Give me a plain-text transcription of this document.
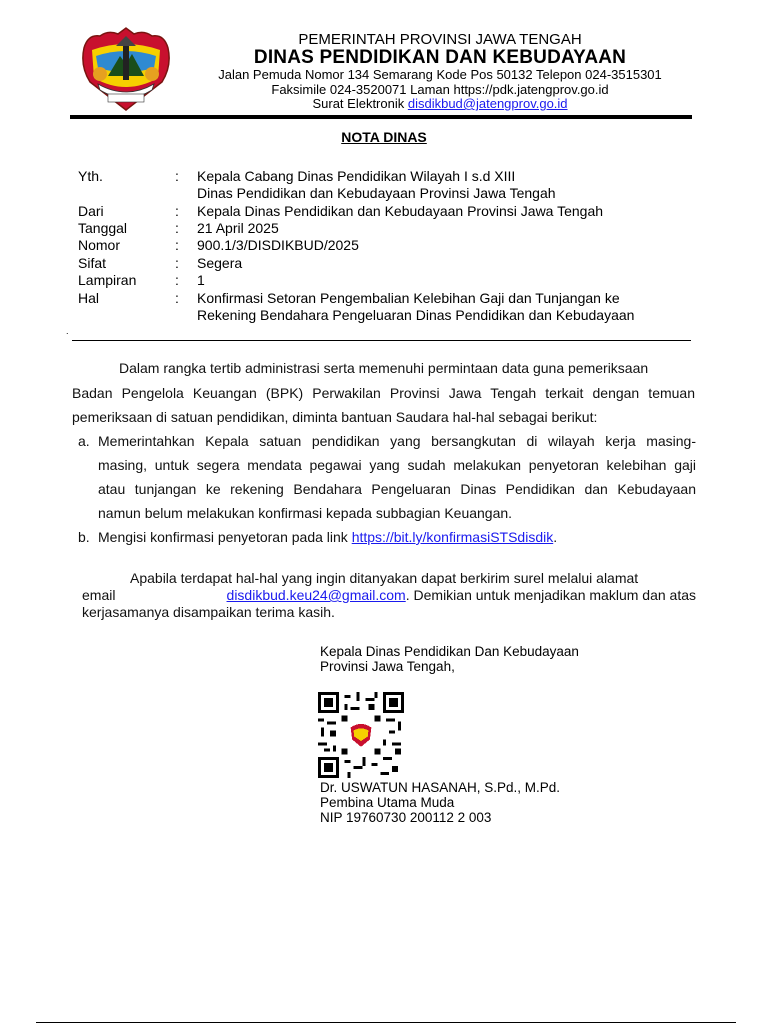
PEMERINTAH PROVINSI JAWA TENGAH
DINAS PENDIDIKAN DAN KEBUDAYAAN
Jalan Pemuda Nomor 134 Semarang Kode Pos 50132 Telepon 024-3515301
Faksimile 024-3520071 Laman https://pdk.jatengprov.go.id
Surat Elektronik disdikbud@jatengprov.go.id
NOTA DINAS
Yth.	: Kepala Cabang Dinas Pendidikan Wilayah I s.d XIII
Dinas Pendidikan dan Kebudayaan Provinsi Jawa Tengah
Dari	: Kepala Dinas Pendidikan dan Kebudayaan Provinsi Jawa Tengah
Tanggal	: 21 April 2025
Nomor	: 900.1/3/DISDIKBUD/2025
Sifat	: Segera
Lampiran	: 1
Hal	: Konfirmasi Setoran Pengembalian Kelebihan Gaji dan Tunjangan ke
Rekening Bendahara Pengeluaran Dinas Pendidikan dan Kebudayaan
.
Dalam rangka tertib administrasi serta memenuhi permintaan data guna pemeriksaan
Badan Pengelola Keuangan (BPK) Perwakilan Provinsi Jawa Tengah terkait dengan temuan
pemeriksaan di satuan pendidikan, diminta bantuan Saudara hal-hal sebagai berikut:
a. Memerintahkan Kepala satuan pendidikan yang bersangkutan di wilayah kerja masing-
masing, untuk segera mendata pegawai yang sudah melakukan penyetoran kelebihan gaji
atau tunjangan ke rekening Bendahara Pengeluaran Dinas Pendidikan dan Kebudayaan
namun belum melakukan konfirmasi kepada subbagian Keuangan.
b. Mengisi konfirmasi penyetoran pada link https://bit.ly/konfirmasiSTSdisdik.
Apabila terdapat hal-hal yang ingin ditanyakan dapat berkirim surel melalui alamat
email	disdikbud.keu24@gmail.com. Demikian untuk menjadikan maklum dan atas
kerjasamanya disampaikan terima kasih.
Kepala Dinas Pendidikan Dan Kebudayaan
Provinsi Jawa Tengah,
Dr. USWATUN HASANAH, S.Pd., M.Pd.
Pembina Utama Muda
NIP 19760730 200112 2 003
